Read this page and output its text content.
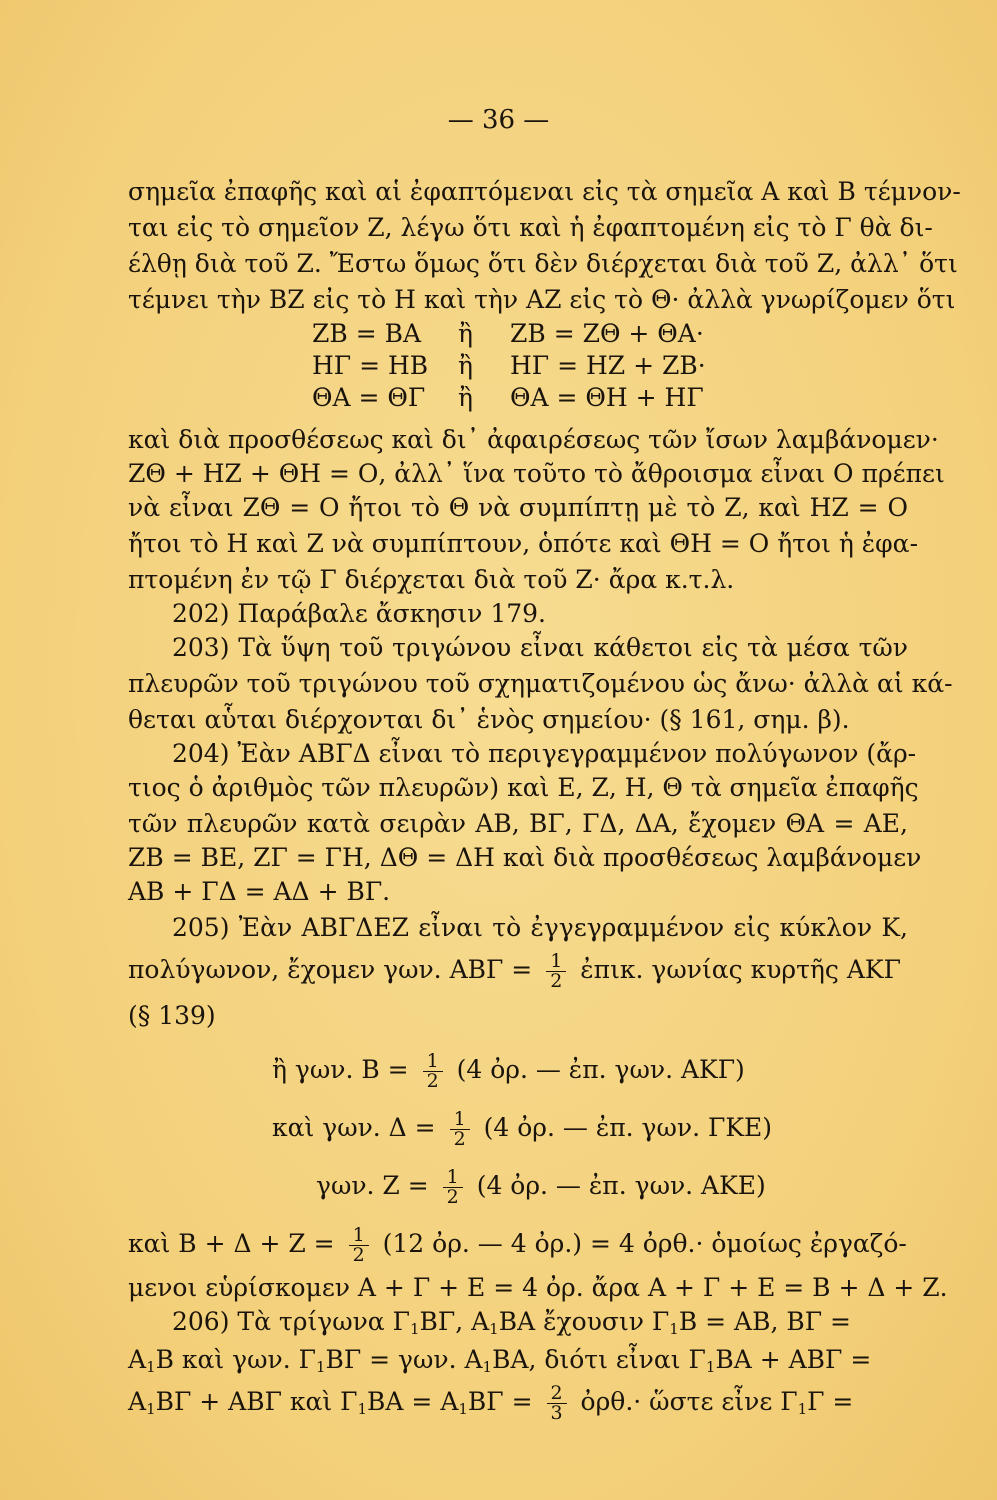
— 36 —
σημεῖα ἐπαφῆς καὶ αἱ ἐφαπτόμεναι εἰς τὰ σημεῖα Α καὶ Β τέμνον-
ται εἰς τὸ σημεῖον Ζ, λέγω ὅτι καὶ ἡ ἐφαπτομένη εἰς τὸ Γ θὰ δι-
έλθῃ διὰ τοῦ Ζ. Ἔστω ὅμως ὅτι δὲν διέρχεται διὰ τοῦ Ζ, ἀλλ᾽ ὅτι
τέμνει τὴν ΒΖ εἰς τὸ Η καὶ τὴν ΑΖ εἰς τὸ Θ· ἀλλὰ γνωρίζομεν ὅτι
ΖΒ = ΒΑ ἢ ΖΒ = ΖΘ + ΘΑ·
ΗΓ = ΗΒ ἢ ΗΓ = ΗΖ + ΖΒ·
ΘΑ = ΘΓ ἢ ΘΑ = ΘΗ + ΗΓ
καὶ διὰ προσθέσεως καὶ δι᾽ ἀφαιρέσεως τῶν ἴσων λαμβάνομεν·
ΖΘ + ΗΖ + ΘΗ = Ο, ἀλλ᾽ ἵνα τοῦτο τὸ ἄθροισμα εἶναι Ο πρέπει
νὰ εἶναι ΖΘ = Ο ἤτοι τὸ Θ νὰ συμπίπτῃ μὲ τὸ Ζ, καὶ ΗΖ = Ο
ἤτοι τὸ Η καὶ Ζ νὰ συμπίπτουν, ὁπότε καὶ ΘΗ = Ο ἤτοι ἡ ἐφα-
πτομένη ἐν τῷ Γ διέρχεται διὰ τοῦ Ζ· ἄρα κ.τ.λ.
202) Παράβαλε ἄσκησιν 179.
203) Τὰ ὕψη τοῦ τριγώνου εἶναι κάθετοι εἰς τὰ μέσα τῶν
πλευρῶν τοῦ τριγώνου τοῦ σχηματιζομένου ὡς ἄνω· ἀλλὰ αἱ κά-
θεται αὗται διέρχονται δι᾽ ἑνὸς σημείου· (§ 161, σημ. β).
204) Ἐὰν ΑΒΓΔ εἶναι τὸ περιγεγραμμένον πολύγωνον (ἄρ-
τιος ὁ ἀριθμὸς τῶν πλευρῶν) καὶ Ε, Ζ, Η, Θ τὰ σημεῖα ἐπαφῆς
τῶν πλευρῶν κατὰ σειρὰν ΑΒ, ΒΓ, ΓΔ, ΔΑ, ἔχομεν ΘΑ = ΑΕ,
ΖΒ = ΒΕ, ΖΓ = ΓΗ, ΔΘ = ΔΗ καὶ διὰ προσθέσεως λαμβάνομεν
ΑΒ + ΓΔ = ΑΔ + ΒΓ.
205) Ἐὰν ΑΒΓΔΕΖ εἶναι τὸ ἐγγεγραμμένον εἰς κύκλον Κ,
πολύγωνον, ἔχομεν γων. $AB\Gamma = \frac{1}{2}$ ἐπικ. γωνίας κυρτῆς ΑΚΓ
(§ 139)
ἢ γων. $B = \frac{1}{2} (4$ ὀρ. — ἐπ. γων. ΑΚΓ)
καὶ γων. $\Delta = \frac{1}{2} (4$ ὀρ. — ἐπ. γων. ΓΚΕ)
γων. $Z = \frac{1}{2} (4$ ὀρ. — ἐπ. γων. ΑΚΕ)
καὶ $B + \Delta + Z = \frac{1}{2} (12$ ὀρ. — 4 ὀρ.) = 4 ὀρθ.· ὁμοίως ἐργαζό-
μενοι εὑρίσκομεν Α + Γ + Ε = 4 ὀρ. ἄρα Α + Γ + Ε = Β + Δ + Ζ.
206) Τὰ τρίγωνα $\Gamma_1B\Gamma$, $A_1BA$ ἔχουσιν $\Gamma_1B = AB$, ΒΓ =
$A_1B$ καὶ γων. $\Gamma_1B\Gamma = \gamma\omega\nu$. $A_1BA$, διότι εἶναι $\Gamma_1BA + AB\Gamma$ =
$A_1B\Gamma + AB\Gamma$ καὶ $\Gamma_1BA = A_1B\Gamma = \frac{2}{3}$ ὀρθ.· ὥστε εἶνε $\Gamma_1\Gamma$ =
